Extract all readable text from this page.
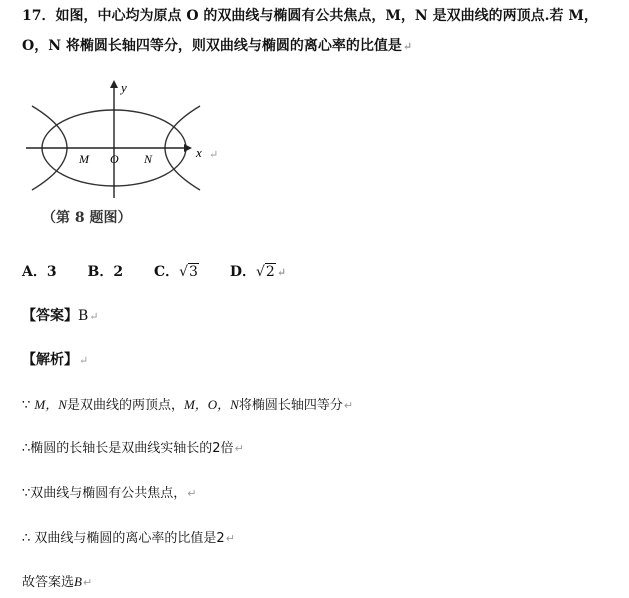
17．如图，中心均为原点 O 的双曲线与椭圆有公共焦点，M，N 是双曲线的两顶点.若 M，
O，N 将椭圆长轴四等分，则双曲线与椭圆的离心率的比值是↵
y
x
M O N	↵
（第 8 题图）
A．3 B．2 C．√3 D．√2 ↵
【答案】B↵
【解析】↵
∵ M，N是双曲线的两顶点，M，O，N将椭圆长轴四等分↵
∴椭圆的长轴长是双曲线实轴长的2倍↵
∵双曲线与椭圆有公共焦点，↵
∴ 双曲线与椭圆的离心率的比值是2↵
故答案选B↵
